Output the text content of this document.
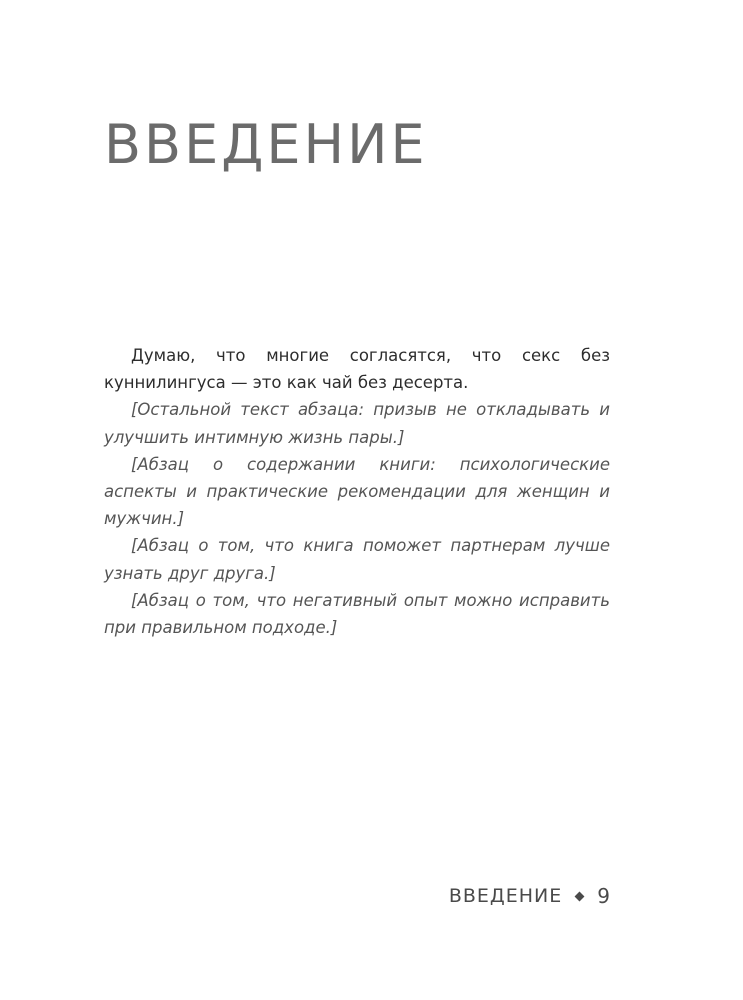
ВВЕДЕНИЕ

Думаю, что многие согласятся, что секс без куннилингуса — это как чай без десерта.

[Остальной текст абзаца: призыв не откладывать и улучшить интимную жизнь пары.]

[Абзац о содержании книги: психологические аспекты и практические рекомендации для женщин и мужчин.]

[Абзац о том, что книга поможет партнерам лучше узнать друг друга.]

[Абзац о том, что негативный опыт можно исправить при правильном подходе.]

ВВЕДЕНИЕ 9
